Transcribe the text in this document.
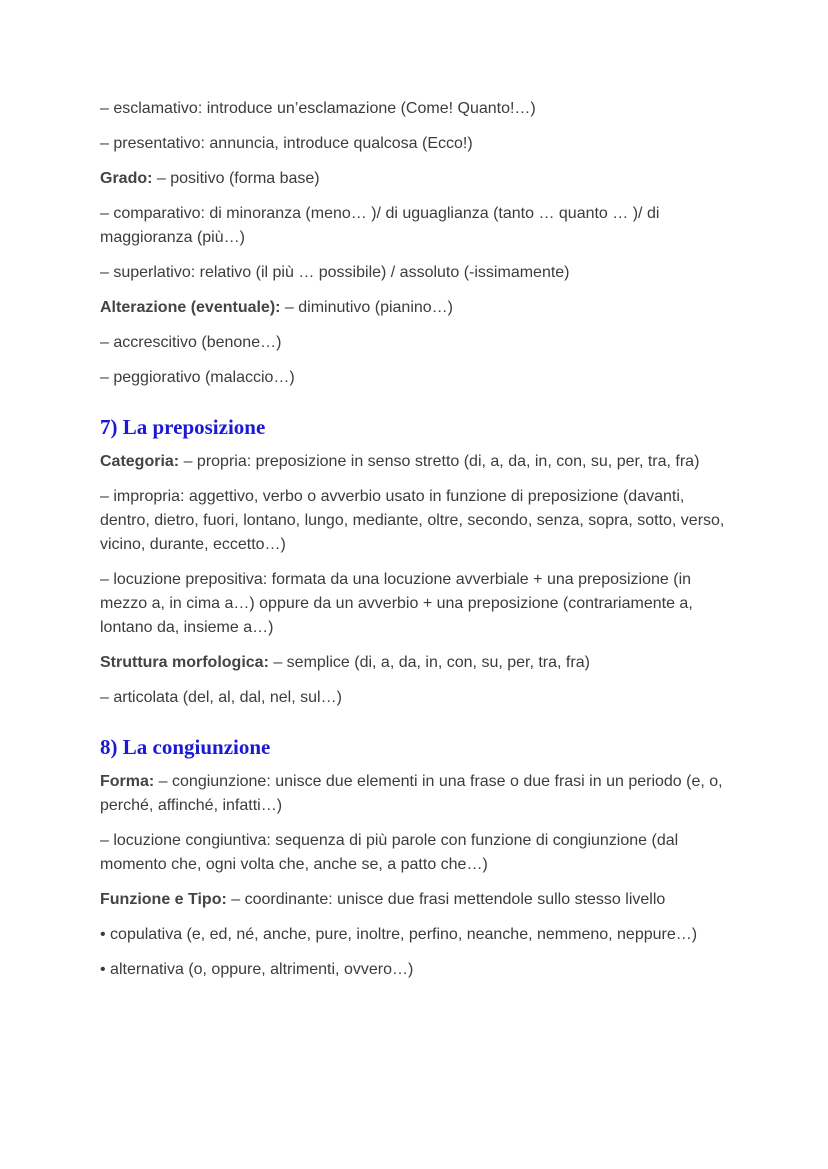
– esclamativo: introduce un’esclamazione (Come! Quanto!…)

– presentativo: annuncia, introduce qualcosa (Ecco!)

Grado: – positivo (forma base)

– comparativo: di minoranza (meno… )/ di uguaglianza (tanto … quanto … )/ di maggioranza (più…)

– superlativo: relativo (il più … possibile) / assoluto (-issimamente)

Alterazione (eventuale): – diminutivo (pianino…)

– accrescitivo (benone…)

– peggiorativo (malaccio…)

7) La preposizione

Categoria: – propria: preposizione in senso stretto (di, a, da, in, con, su, per, tra, fra)

– impropria: aggettivo, verbo o avverbio usato in funzione di preposizione (davanti, dentro, dietro, fuori, lontano, lungo, mediante, oltre, secondo, senza, sopra, sotto, verso, vicino, durante, eccetto…)

– locuzione prepositiva: formata da una locuzione avverbiale + una preposizione (in mezzo a, in cima a…) oppure da un avverbio + una preposizione (contrariamente a, lontano da, insieme a…)

Struttura morfologica: – semplice (di, a, da, in, con, su, per, tra, fra)

– articolata (del, al, dal, nel, sul…)

8) La congiunzione

Forma: – congiunzione: unisce due elementi in una frase o due frasi in un periodo (e, o, perché, affinché, infatti…)

– locuzione congiuntiva: sequenza di più parole con funzione di congiunzione (dal momento che, ogni volta che, anche se, a patto che…)

Funzione e Tipo: – coordinante: unisce due frasi mettendole sullo stesso livello

• copulativa (e, ed, né, anche, pure, inoltre, perfino, neanche, nemmeno, neppure…)

• alternativa (o, oppure, altrimenti, ovvero…)
